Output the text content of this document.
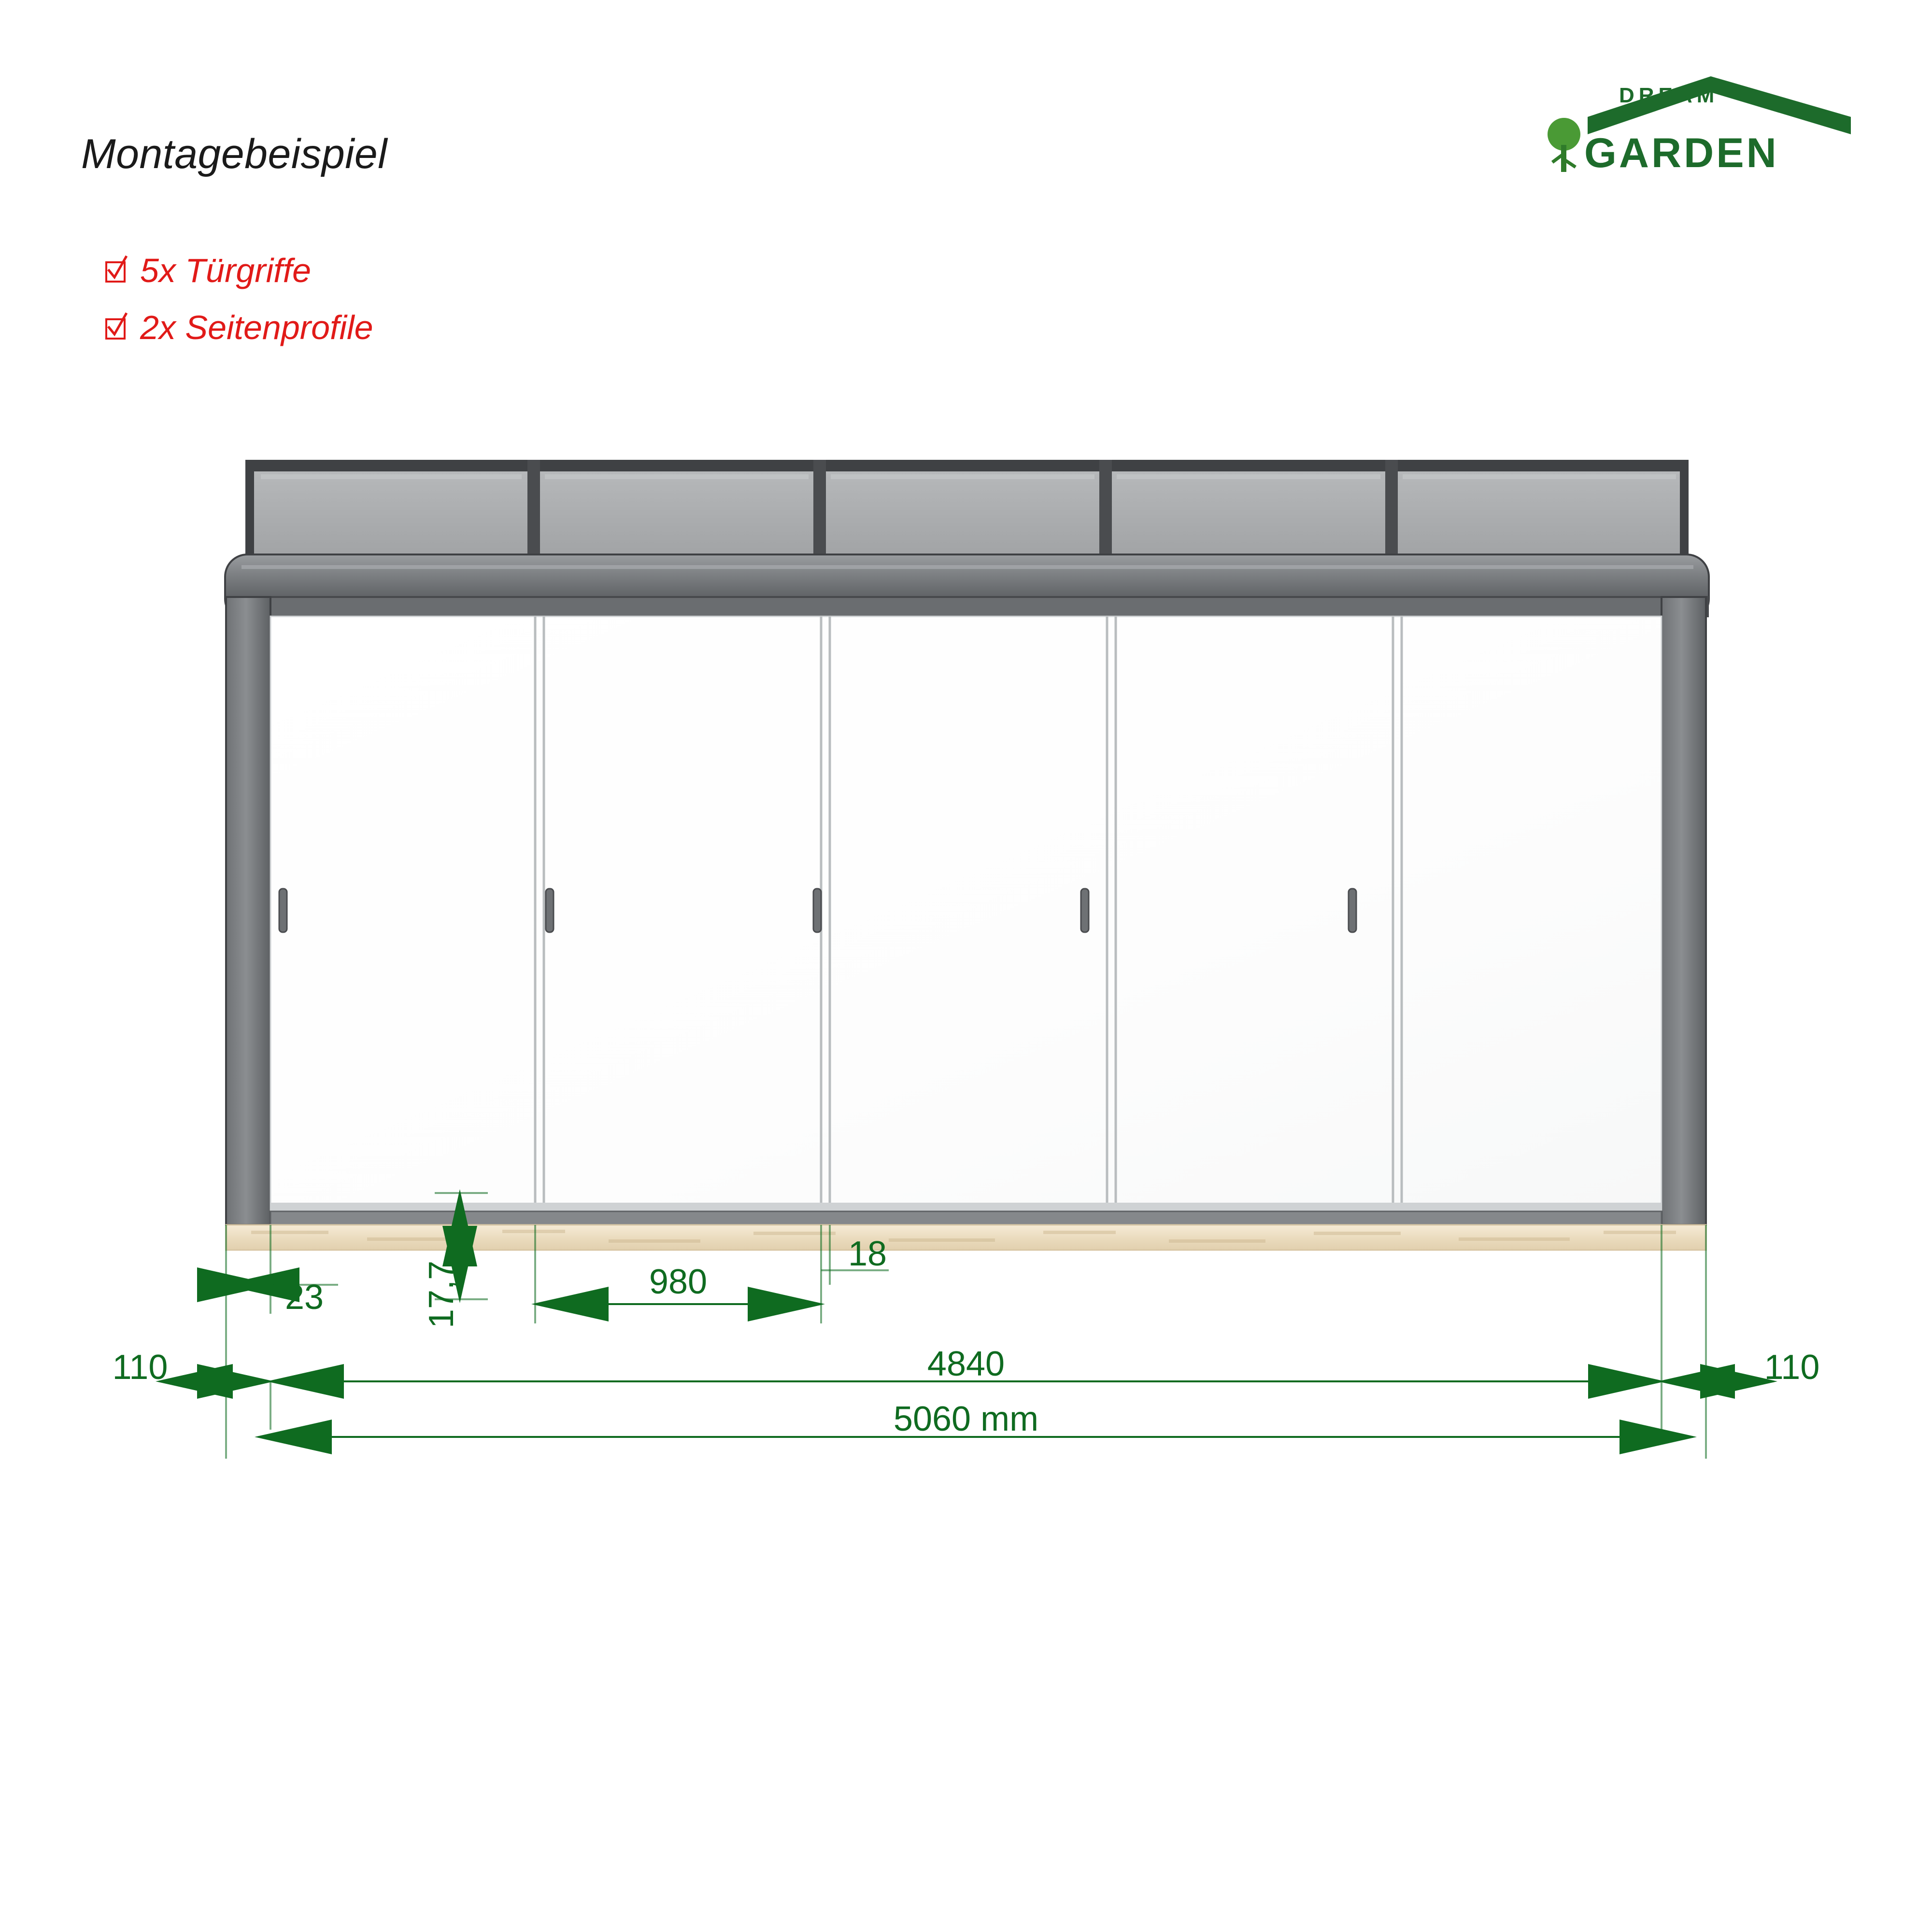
Montagebeispiel
5x Türgriffe
2x Seitenprofile
DREAM
GARDEN
23	17,7	980
18
110	110
4840
5060 mm
